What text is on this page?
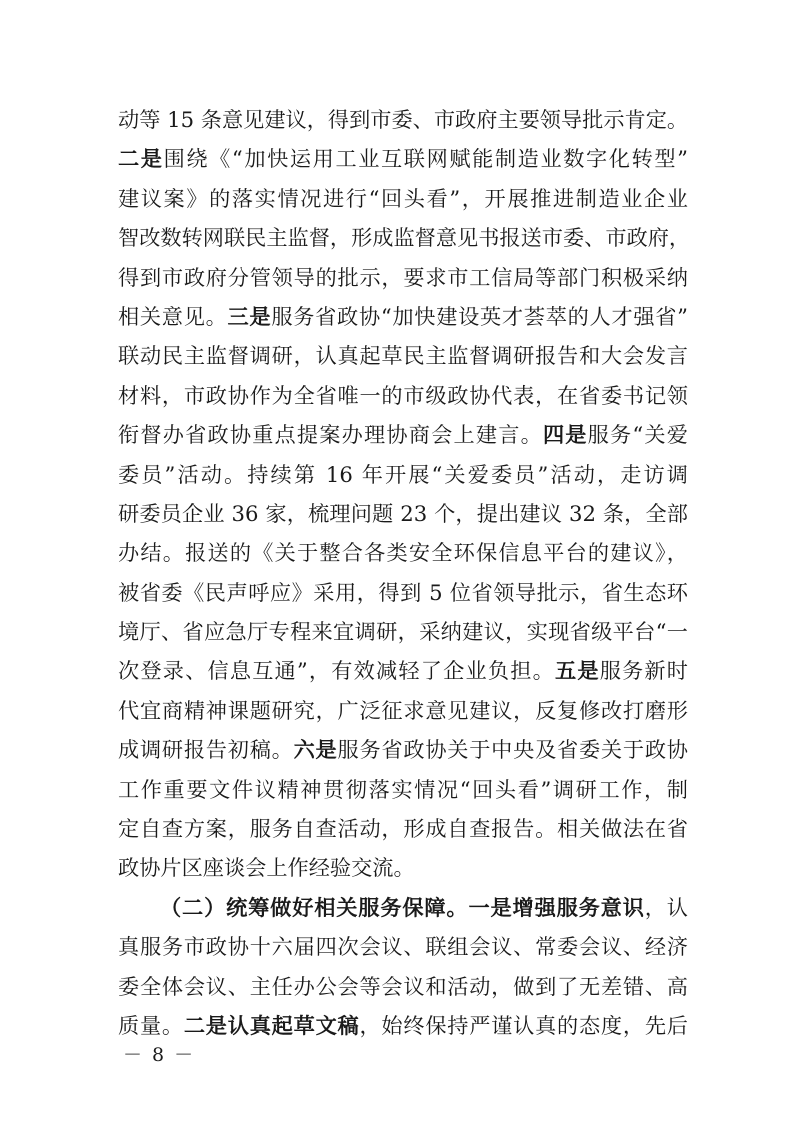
动等 15 条意见建议，得到市委、市政府主要领导批示肯定。
二是围绕《“加快运用工业互联网赋能制造业数字化转型”
建议案》的落实情况进行“回头看”，开展推进制造业企业
智改数转网联民主监督，形成监督意见书报送市委、市政府，
得到市政府分管领导的批示，要求市工信局等部门积极采纳
相关意见。三是服务省政协“加快建设英才荟萃的人才强省”
联动民主监督调研，认真起草民主监督调研报告和大会发言
材料，市政协作为全省唯一的市级政协代表，在省委书记领
衔督办省政协重点提案办理协商会上建言。四是服务“关爱
委员”活动。持续第 16 年开展“关爱委员”活动，走访调
研委员企业 36 家，梳理问题 23 个，提出建议 32 条，全部
办结。报送的《关于整合各类安全环保信息平台的建议》，
被省委《民声呼应》采用，得到 5 位省领导批示，省生态环
境厅、省应急厅专程来宜调研，采纳建议，实现省级平台“一
次登录、信息互通”，有效减轻了企业负担。五是服务新时
代宜商精神课题研究，广泛征求意见建议，反复修改打磨形
成调研报告初稿。六是服务省政协关于中央及省委关于政协
工作重要文件议精神贯彻落实情况“回头看”调研工作，制
定自查方案，服务自查活动，形成自查报告。相关做法在省
政协片区座谈会上作经验交流。
（二）统筹做好相关服务保障。一是增强服务意识，认
真服务市政协十六届四次会议、联组会议、常委会议、经济
委全体会议、主任办公会等会议和活动，做到了无差错、高
质量。二是认真起草文稿，始终保持严谨认真的态度，先后
－ 8 －
